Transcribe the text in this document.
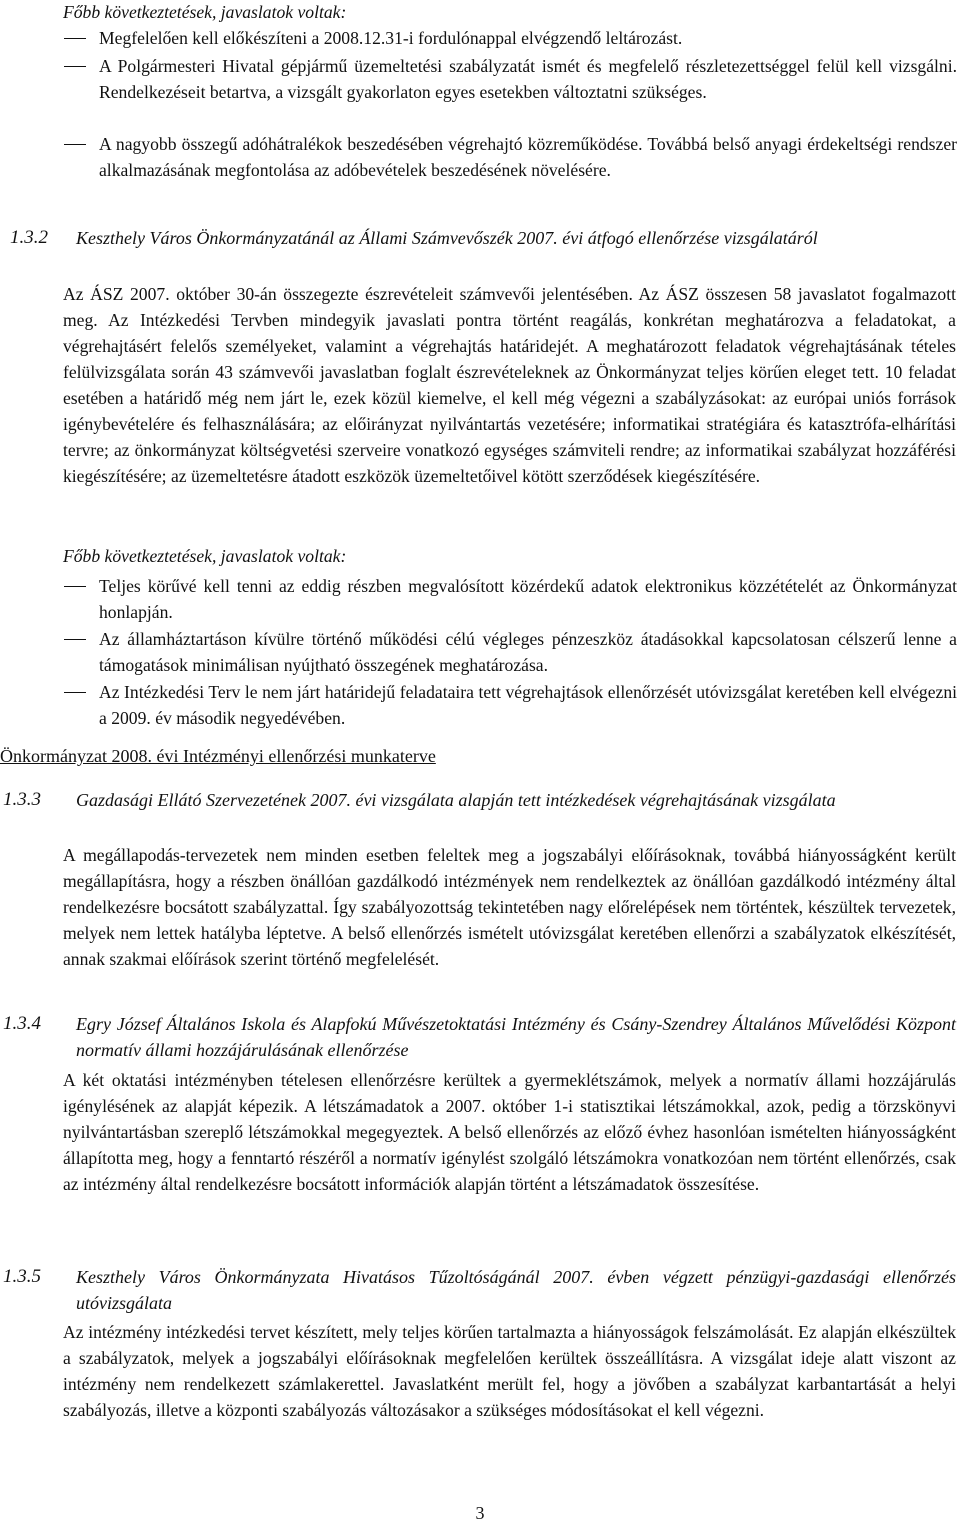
Főbb következtetések, javaslatok voltak:

Megfelelően kell előkészíteni a 2008.12.31-i fordulónappal elvégzendő leltározást.

A Polgármesteri Hivatal gépjármű üzemeltetési szabályzatát ismét és megfelelő részletezettséggel felül kell vizsgálni. Rendelkezéseit betartva, a vizsgált gyakorlaton egyes esetekben változtatni szükséges.

A nagyobb összegű adóhátralékok beszedésében végrehajtó közreműködése. Továbbá belső anyagi érdekeltségi rendszer alkalmazásának megfontolása az adóbevételek beszedésének növelésére.

1.3.2 Keszthely Város Önkormányzatánál az Állami Számvevőszék 2007. évi átfogó ellenőrzése vizsgálatáról

Az ÁSZ 2007. október 30-án összegezte észrevételeit számvevői jelentésében. Az ÁSZ összesen 58 javaslatot fogalmazott meg. Az Intézkedési Tervben mindegyik javaslati pontra történt reagálás, konkrétan meghatározva a feladatokat, a végrehajtásért felelős személyeket, valamint a végrehajtás határidejét. A meghatározott feladatok végrehajtásának tételes felülvizsgálata során 43 számvevői javaslatban foglalt észrevételeknek az Önkormányzat teljes körűen eleget tett. 10 feladat esetében a határidő még nem járt le, ezek közül kiemelve, el kell még végezni a szabályzásokat: az európai uniós források igénybevételére és felhasználására; az előirányzat nyilvántartás vezetésére; informatikai stratégiára és katasztrófa-elhárítási tervre; az önkormányzat költségvetési szerveire vonatkozó egységes számviteli rendre; az informatikai szabályzat hozzáférési kiegészítésére; az üzemeltetésre átadott eszközök üzemeltetőivel kötött szerződések kiegészítésére.

Főbb következtetések, javaslatok voltak:

Teljes körűvé kell tenni az eddig részben megvalósított közérdekű adatok elektronikus közzétételét az Önkormányzat honlapján.

Az államháztartáson kívülre történő működési célú végleges pénzeszköz átadásokkal kapcsolatosan célszerű lenne a támogatások minimálisan nyújtható összegének meghatározása.

Az Intézkedési Terv le nem járt határidejű feladataira tett végrehajtások ellenőrzését utóvizsgálat keretében kell elvégezni a 2009. év második negyedévében.

Önkormányzat 2008. évi Intézményi ellenőrzési munkaterve

1.3.3 Gazdasági Ellátó Szervezetének 2007. évi vizsgálata alapján tett intézkedések végrehajtásának vizsgálata

A megállapodás-tervezetek nem minden esetben feleltek meg a jogszabályi előírásoknak, továbbá hiányosságként került megállapításra, hogy a részben önállóan gazdálkodó intézmények nem rendelkeztek az önállóan gazdálkodó intézmény által rendelkezésre bocsátott szabályzattal. Így szabályozottság tekintetében nagy előrelépések nem történtek, készültek tervezetek, melyek nem lettek hatályba léptetve. A belső ellenőrzés ismételt utóvizsgálat keretében ellenőrzi a szabályzatok elkészítését, annak szakmai előírások szerint történő megfelelését.

1.3.4 Egry József Általános Iskola és Alapfokú Művészetoktatási Intézmény és Csány-Szendrey Általános Művelődési Központ normatív állami hozzájárulásának ellenőrzése

A két oktatási intézményben tételesen ellenőrzésre kerültek a gyermeklétszámok, melyek a normatív állami hozzájárulás igénylésének az alapját képezik. A létszámadatok a 2007. október 1-i statisztikai létszámokkal, azok, pedig a törzskönyvi nyilvántartásban szereplő létszámokkal megegyeztek. A belső ellenőrzés az előző évhez hasonlóan ismételten hiányosságként állapította meg, hogy a fenntartó részéről a normatív igénylést szolgáló létszámokra vonatkozóan nem történt ellenőrzés, csak az intézmény által rendelkezésre bocsátott információk alapján történt a létszámadatok összesítése.

1.3.5 Keszthely Város Önkormányzata Hivatásos Tűzoltóságánál 2007. évben végzett pénzügyi-gazdasági ellenőrzés utóvizsgálata

Az intézmény intézkedési tervet készített, mely teljes körűen tartalmazta a hiányosságok felszámolását. Ez alapján elkészültek a szabályzatok, melyek a jogszabályi előírásoknak megfelelően kerültek összeállításra. A vizsgálat ideje alatt viszont az intézmény nem rendelkezett számlakerettel. Javaslatként merült fel, hogy a jövőben a szabályzat karbantartását a helyi szabályozás, illetve a központi szabályozás változásakor a szükséges módosításokat el kell végezni.

3
